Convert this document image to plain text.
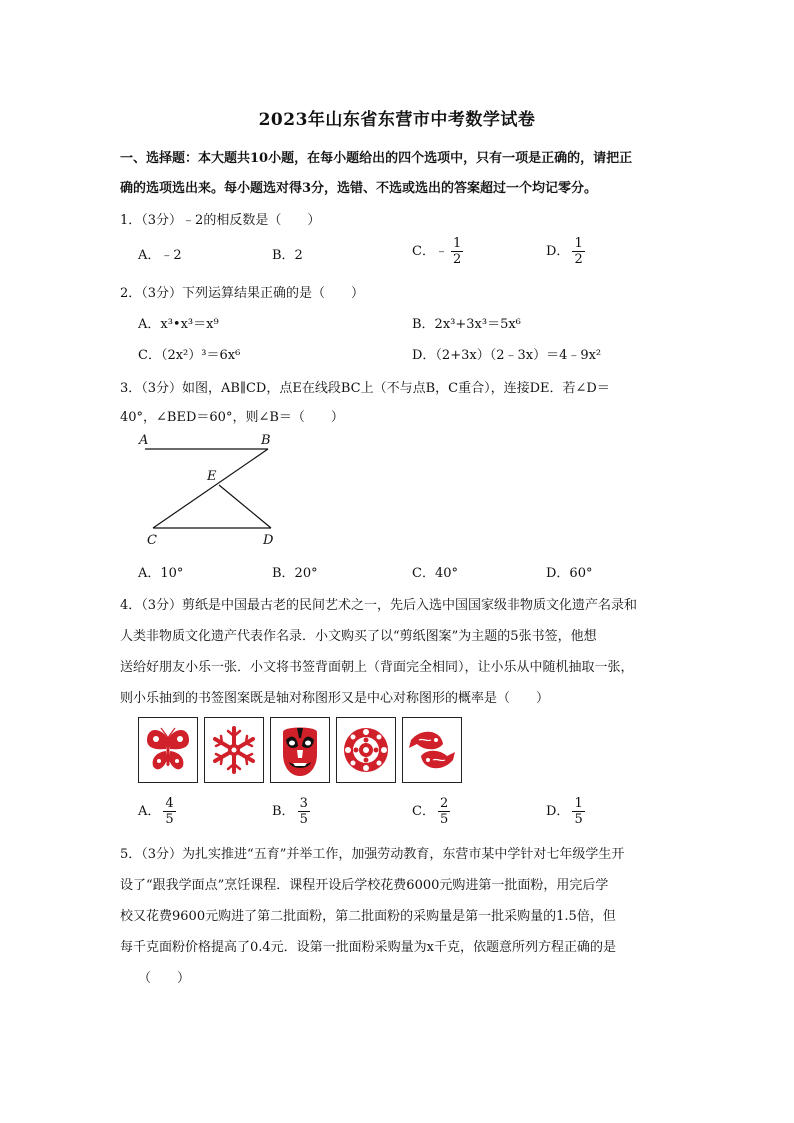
2023年山东省东营市中考数学试卷
一、选择题：本大题共10小题，在每小题给出的四个选项中，只有一项是正确的，请把正
确的选项选出来。每小题选对得3分，选错、不选或选出的答案超过一个均记零分。
1．（3分）﹣2的相反数是（　　）
A．﹣2	B．2	C．﹣ $\frac{1}{2}$	D． $\frac{1}{2}$
2．（3分）下列运算结果正确的是（　　）
A．x³•x³＝x⁹	B．2x³+3x³＝5x⁶
C．（2x²）³＝6x⁶	D．（2+3x）（2﹣3x）＝4﹣9x²
3．（3分）如图，AB∥CD，点E在线段BC上（不与点B，C重合），连接DE．若∠D＝
40°，∠BED＝60°，则∠B＝（　　）
A	B
E
C	D
A．10°	B．20°	C．40°	D．60°
4．（3分）剪纸是中国最古老的民间艺术之一，先后入选中国国家级非物质文化遗产名录和
人类非物质文化遗产代表作名录．小文购买了以“剪纸图案”为主题的5张书签，他想
送给好朋友小乐一张．小文将书签背面朝上（背面完全相同），让小乐从中随机抽取一张，
则小乐抽到的书签图案既是轴对称图形又是中心对称图形的概率是（　　）
A． $\frac{4}{5}$	B． $\frac{3}{5}$	C． $\frac{2}{5}$	D． $\frac{1}{5}$
5．（3分）为扎实推进“五育”并举工作，加强劳动教育，东营市某中学针对七年级学生开
设了“跟我学面点”烹饪课程．课程开设后学校花费6000元购进第一批面粉，用完后学
校又花费9600元购进了第二批面粉，第二批面粉的采购量是第一批采购量的1.5倍，但
每千克面粉价格提高了0.4元．设第一批面粉采购量为x千克，依题意所列方程正确的是
（　　）
